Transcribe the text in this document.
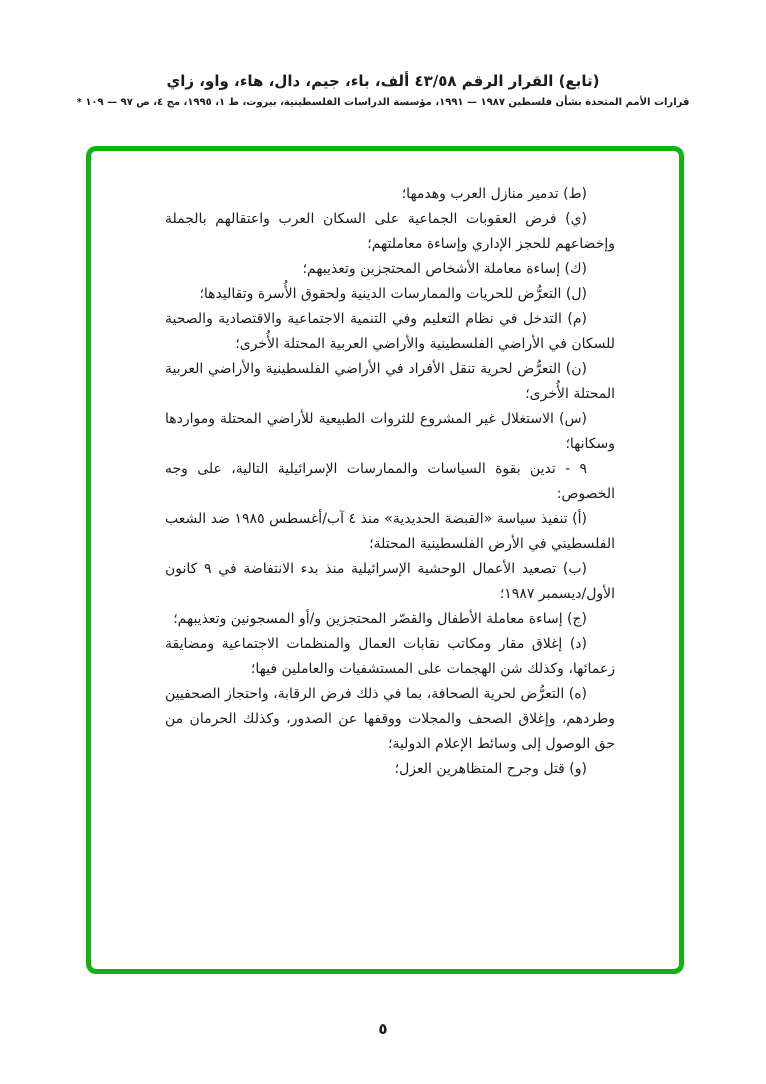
(تابع) القرار الرقم ٤٣/٥٨ ألف، باء، جيم، دال، هاء، واو، زاي
قرارات الأمم المتحدة بشأن فلسطين ١٩٨٧ — ١٩٩١، مؤسسة الدراسات الفلسطينية، بيروت، ط ١، ١٩٩٥، مج ٤، ص ٩٧ — ١٠٩ *

(ط) تدمير منازل العرب وهدمها؛

(ي) فرض العقوبات الجماعية على السكان العرب واعتقالهم بالجملة وإخضاعهم للحجز الإداري وإساءة معاملتهم؛

(ك) إساءة معاملة الأشخاص المحتجزين وتعذيبهم؛

(ل) التعرُّض للحريات والممارسات الدينية ولحقوق الأُسرة وتقاليدها؛

(م) التدخل في نظام التعليم وفي التنمية الاجتماعية والاقتصادية والصحية للسكان في الأراضي الفلسطينية والأراضي العربية المحتلة الأُخرى؛

(ن) التعرُّض لحرية تنقل الأفراد في الأراضي الفلسطينية والأراضي العربية المحتلة الأُخرى؛

(س) الاستغلال غير المشروع للثروات الطبيعية للأراضي المحتلة ومواردها وسكانها؛

٩ - تدين بقوة السياسات والممارسات الإسرائيلية التالية، على وجه الخصوص:

(أ) تنفيذ سياسة «القبضة الحديدية» منذ ٤ آب/أغسطس ١٩٨٥ ضد الشعب الفلسطيني في الأرض الفلسطينية المحتلة؛

(ب) تصعيد الأعمال الوحشية الإسرائيلية منذ بدء الانتفاضة في ٩ كانون الأول/ديسمبر ١٩٨٧؛

(ج) إساءة معاملة الأطفال والقصّر المحتجزين و/أو المسجونين وتعذيبهم؛

(د) إغلاق مقار ومكاتب نقابات العمال والمنظمات الاجتماعية ومضايقة زعمائها، وكذلك شن الهجمات على المستشفيات والعاملين فيها؛

(ه) التعرُّض لحرية الصحافة، بما في ذلك فرض الرقابة، واحتجاز الصحفيين وطردهم، وإغلاق الصحف والمجلات ووقفها عن الصدور، وكذلك الحرمان من حق الوصول إلى وسائط الإعلام الدولية؛

(و) قتل وجرح المتظاهرين العزل؛

٥
